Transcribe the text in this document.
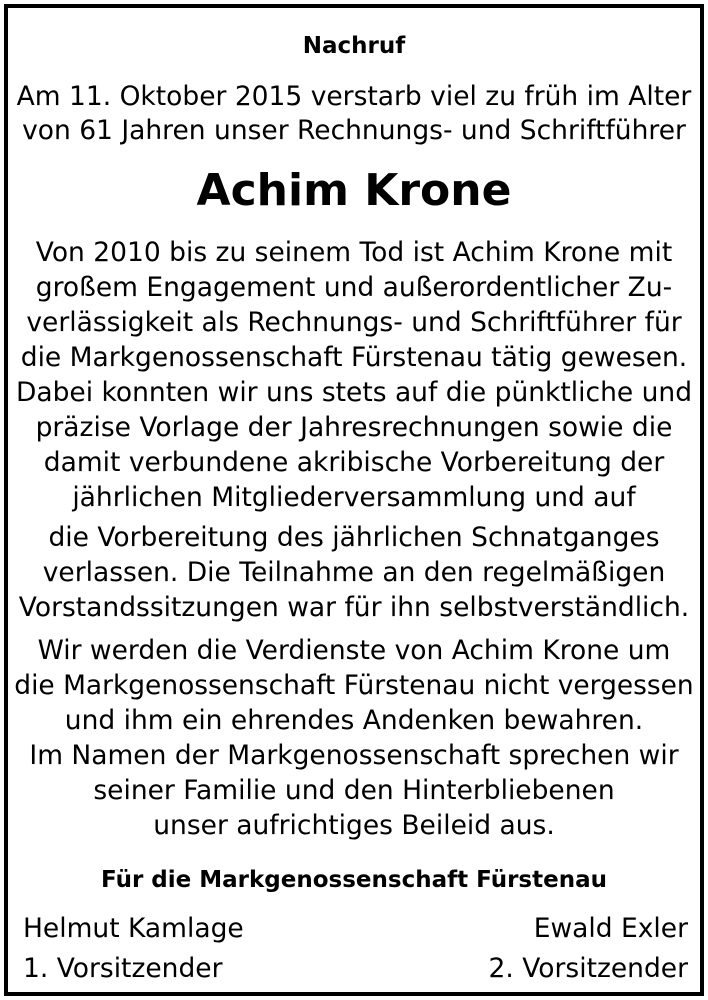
Nachruf
Am 11. Oktober 2015 verstarb viel zu früh im Alter
von 61 Jahren unser Rechnungs- und Schriftführer
Achim Krone
Von 2010 bis zu seinem Tod ist Achim Krone mit
großem Engagement und außerordentlicher Zu-
verlässigkeit als Rechnungs- und Schriftführer für
die Markgenossenschaft Fürstenau tätig gewesen.
Dabei konnten wir uns stets auf die pünktliche und
präzise Vorlage der Jahresrechnungen sowie die
damit verbundene akribische Vorbereitung der
jährlichen Mitgliederversammlung und auf
die Vorbereitung des jährlichen Schnatganges
verlassen. Die Teilnahme an den regelmäßigen
Vorstandssitzungen war für ihn selbstverständlich.
Wir werden die Verdienste von Achim Krone um
die Markgenossenschaft Fürstenau nicht vergessen
und ihm ein ehrendes Andenken bewahren.
Im Namen der Markgenossenschaft sprechen wir
seiner Familie und den Hinterbliebenen
unser aufrichtiges Beileid aus.
Für die Markgenossenschaft Fürstenau
Helmut Kamlage
1. Vorsitzender
Ewald Exler
2. Vorsitzender
